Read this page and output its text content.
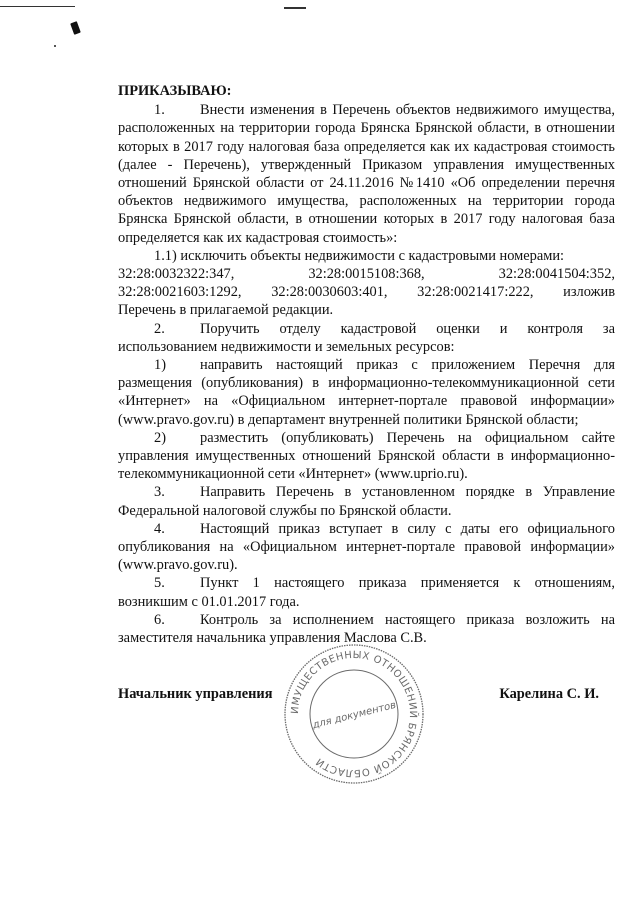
ПРИКАЗЫВАЮ:

1. Внести изменения в Перечень объектов недвижимого имущества, расположенных на территории города Брянска Брянской области, в отношении которых в 2017 году налоговая база определяется как их кадастровая стоимость (далее - Перечень), утвержденный Приказом управления имущественных отношений Брянской области от 24.11.2016 №1410 «Об определении перечня объектов недвижимого имущества, расположенных на территории города Брянска Брянской области, в отношении которых в 2017 году налоговая база определяется как их кадастровая стоимость»:

1.1) исключить объекты недвижимости с кадастровыми номерами:

32:28:0032322:347,	32:28:0015108:368,	32:28:0041504:352,
32:28:0021603:1292, 32:28:0030603:401, 32:28:0021417:222, изложив

Перечень в прилагаемой редакции.

2. Поручить отделу кадастровой оценки и контроля за использованием недвижимости и земельных ресурсов:

1) направить настоящий приказ с приложением Перечня для размещения (опубликования) в информационно-телекоммуникационной сети «Интернет» на «Официальном интернет-портале правовой информации» (www.pravo.gov.ru) в департамент внутренней политики Брянской области;

2) разместить (опубликовать) Перечень на официальном сайте управления имущественных отношений Брянской области в информационно-телекоммуникационной сети «Интернет» (www.uprio.ru).

3. Направить Перечень в установленном порядке в Управление Федеральной налоговой службы по Брянской области.

4. Настоящий приказ вступает в силу с даты его официального опубликования на «Официальном интернет-портале правовой информации» (www.pravo.gov.ru).

5. Пункт 1 настоящего приказа применяется к отношениям, возникшим с 01.01.2017 года.

6. Контроль за исполнением настоящего приказа возложить на заместителя начальника управления Маслова С.В.

ИМУЩЕСТВЕННЫХ ОТНОШЕНИЙ БРЯНСКОЙ ОБЛАСТИ
для документов
Начальник управления	Карелина С. И.
